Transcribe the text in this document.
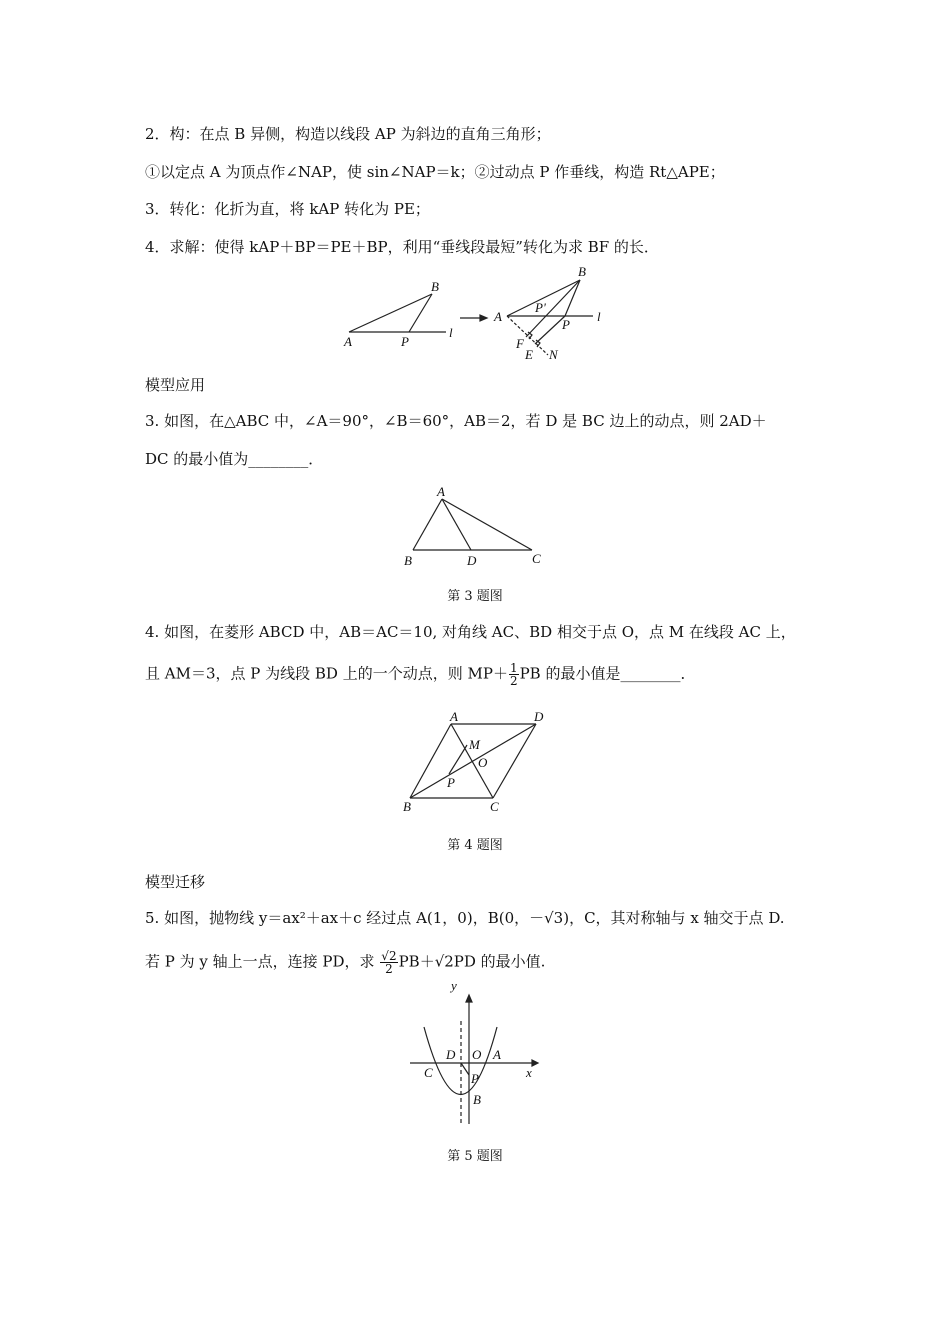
2．构：在点 B 异侧，构造以线段 AP 为斜边的直角三角形；
①以定点 A 为顶点作∠NAP，使 sin∠NAP＝k；②过动点 P 作垂线，构造 Rt△APE；
3．转化：化折为直，将 kAP 转化为 PE；
4．求解：使得 kAP＋BP＝PE＋BP，利用“垂线段最短”转化为求 BF 的长．
A	P
B
l
A
B
P'
P
l
F
E N
模型应用
3. 如图，在△ABC 中，∠A＝90°，∠B＝60°，AB＝2，若 D 是 BC 边上的动点，则 2AD＋
DC 的最小值为________．
A
B	D	C
第 3 题图
4. 如图，在菱形 ABCD 中，AB＝AC＝10, 对角线 AC、BD 相交于点 O，点 M 在线段 AC 上，
且 AM＝3，点 P 为线段 BD 上的一个动点，则 $MP+ \frac{1}{2}$ PB 的最小值是________．
A	D
M
O
P
B	C
第 4 题图
模型迁移
5. 如图，抛物线 y＝ax²＋ax＋c 经过点 A(1，0)，B(0，－√3)，C，其对称轴与 x 轴交于点 D.
若 P 为 y 轴上一点，连接 PD，求 $\frac{√2}{2} PB+√2PD$ 的最小值.
y
x
D O A
C	P
B
第 5 题图
